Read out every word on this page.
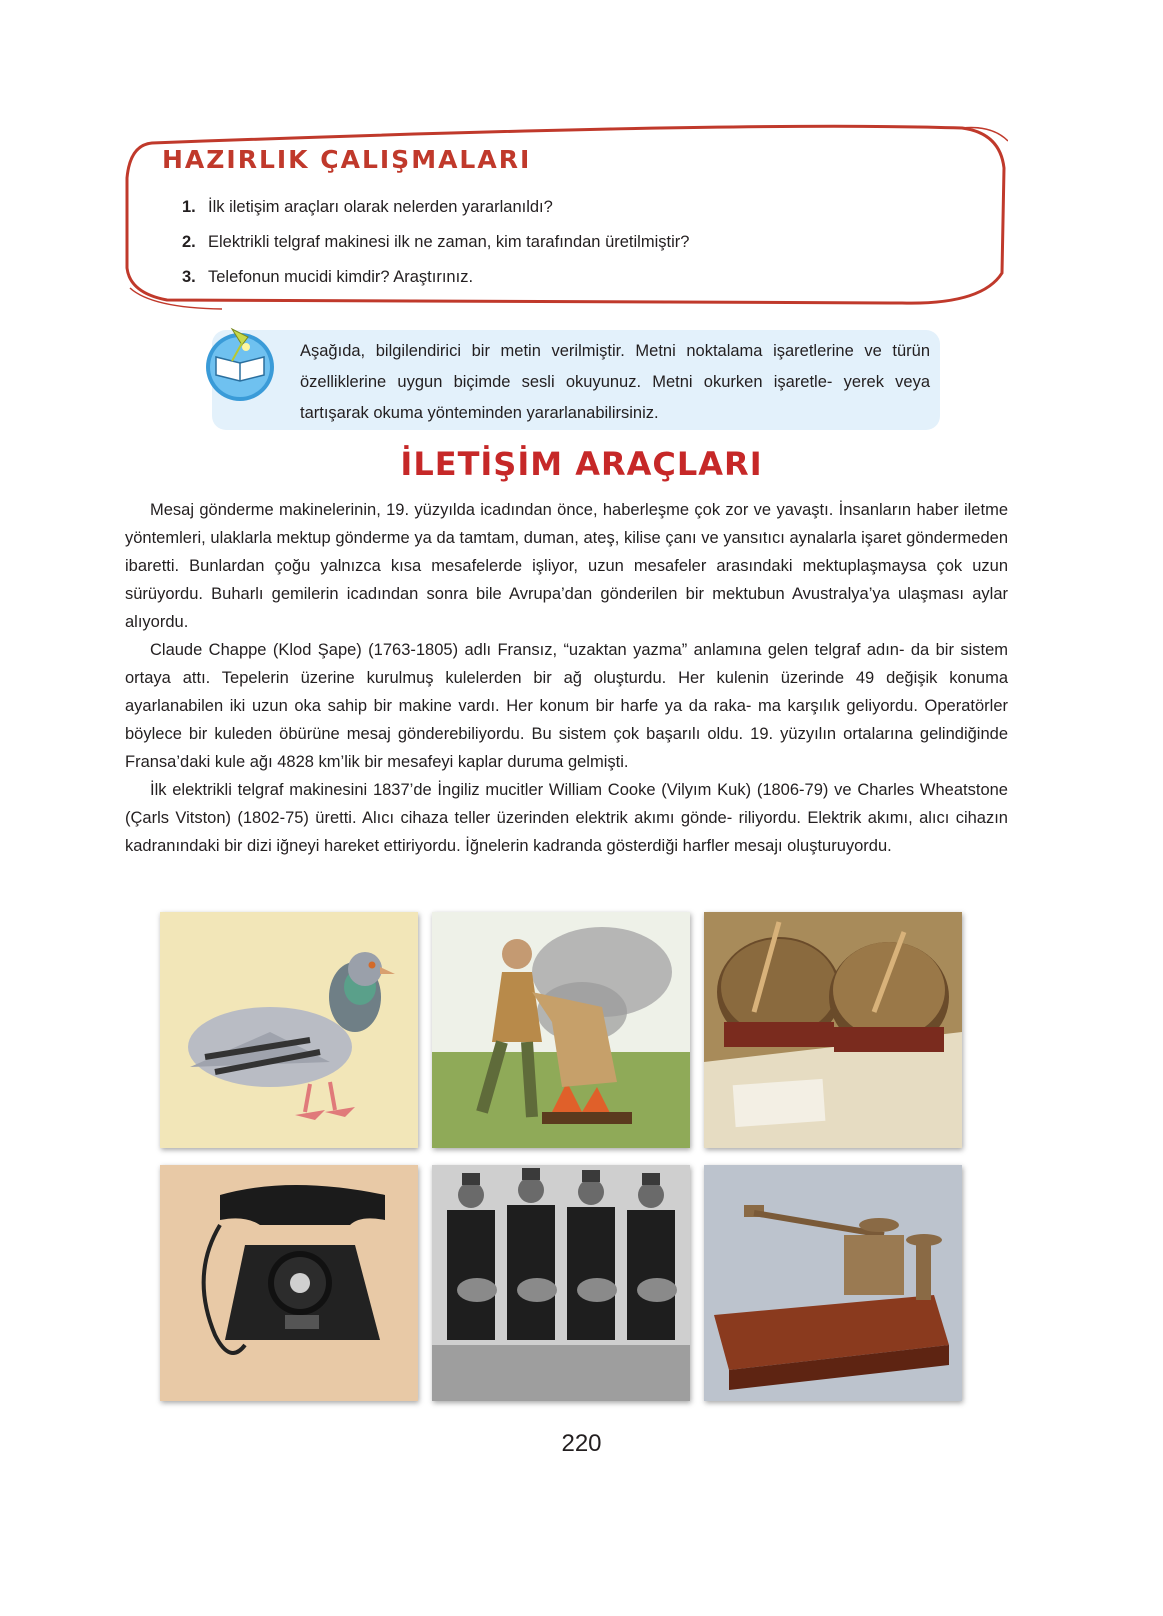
HAZIRLIK ÇALIŞMALARI
1. İlk iletişim araçları olarak nelerden yararlanıldı?
2. Elektrikli telgraf makinesi ilk ne zaman, kim tarafından üretilmiştir?
3. Telefonun mucidi kimdir? Araştırınız.
Aşağıda, bilgilendirici bir metin verilmiştir. Metni noktalama işaretlerine ve türün özelliklerine uygun biçimde sesli okuyunuz. Metni okurken işaretle- yerek veya tartışarak okuma yönteminden yararlanabilirsiniz.
İLETİŞİM ARAÇLARI

Mesaj gönderme makinelerinin, 19. yüzyılda icadından önce, haberleşme çok zor ve yavaştı. İnsanların haber iletme yöntemleri, ulaklarla mektup gönderme ya da tamtam, duman, ateş, kilise çanı ve yansıtıcı aynalarla işaret göndermeden ibaretti. Bunlardan çoğu yalnızca kısa mesafelerde işliyor, uzun mesafeler arasındaki mektuplaşmaysa çok uzun sürüyordu. Buharlı gemilerin icadından sonra bile Avrupa’dan gönderilen bir mektubun Avustralya’ya ulaşması aylar alıyordu.

Claude Chappe (Klod Şape) (1763-1805) adlı Fransız, “uzaktan yazma” anlamına gelen telgraf adın- da bir sistem ortaya attı. Tepelerin üzerine kurulmuş kulelerden bir ağ oluşturdu. Her kulenin üzerinde 49 değişik konuma ayarlanabilen iki uzun oka sahip bir makine vardı. Her konum bir harfe ya da raka- ma karşılık geliyordu. Operatörler böylece bir kuleden öbürüne mesaj gönderebiliyordu. Bu sistem çok başarılı oldu. 19. yüzyılın ortalarına gelindiğinde Fransa’daki kule ağı 4828 km’lik bir mesafeyi kaplar duruma gelmişti.

İlk elektrikli telgraf makinesini 1837’de İngiliz mucitler William Cooke (Vilyım Kuk) (1806-79) ve Charles Wheatstone (Çarls Vitston) (1802-75) üretti. Alıcı cihaza teller üzerinden elektrik akımı gönde- riliyordu. Elektrik akımı, alıcı cihazın kadranındaki bir dizi iğneyi hareket ettiriyordu. İğnelerin kadranda gösterdiği harfler mesajı oluşturuyordu.

220
